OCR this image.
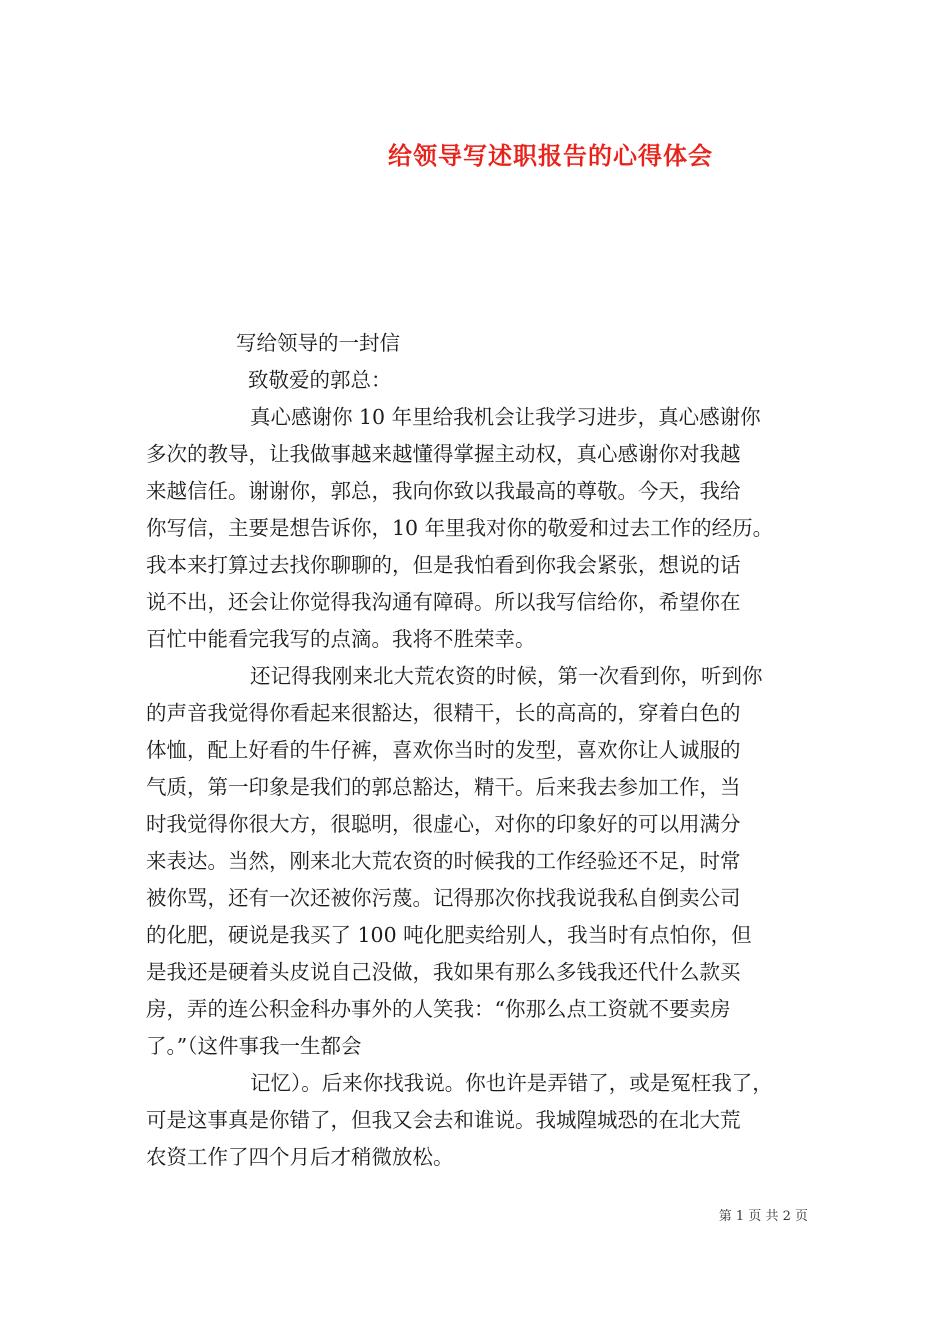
给领导写述职报告的心得体会
写给领导的一封信
致敬爱的郭总：
真心感谢你 10 年里给我机会让我学习进步，真心感谢你
多次的教导，让我做事越来越懂得掌握主动权，真心感谢你对我越
来越信任。谢谢你，郭总，我向你致以我最高的尊敬。今天，我给
你写信，主要是想告诉你，10 年里我对你的敬爱和过去工作的经历。
我本来打算过去找你聊聊的，但是我怕看到你我会紧张，想说的话
说不出，还会让你觉得我沟通有障碍。所以我写信给你，希望你在
百忙中能看完我写的点滴。我将不胜荣幸。
还记得我刚来北大荒农资的时候，第一次看到你，听到你
的声音我觉得你看起来很豁达，很精干，长的高高的，穿着白色的
体恤，配上好看的牛仔裤，喜欢你当时的发型，喜欢你让人诚服的
气质，第一印象是我们的郭总豁达，精干。后来我去参加工作，当
时我觉得你很大方，很聪明，很虚心，对你的印象好的可以用满分
来表达。当然，刚来北大荒农资的时候我的工作经验还不足，时常
被你骂，还有一次还被你污蔑。记得那次你找我说我私自倒卖公司
的化肥，硬说是我买了 100 吨化肥卖给别人，我当时有点怕你，但
是我还是硬着头皮说自己没做，我如果有那么多钱我还代什么款买
房，弄的连公积金科办事外的人笑我：“你那么点工资就不要卖房
了。”（这件事我一生都会
记忆）。后来你找我说。你也许是弄错了，或是冤枉我了，
可是这事真是你错了，但我又会去和谁说。我城隍城恐的在北大荒
农资工作了四个月后才稍微放松。
第 1 页 共 2 页
